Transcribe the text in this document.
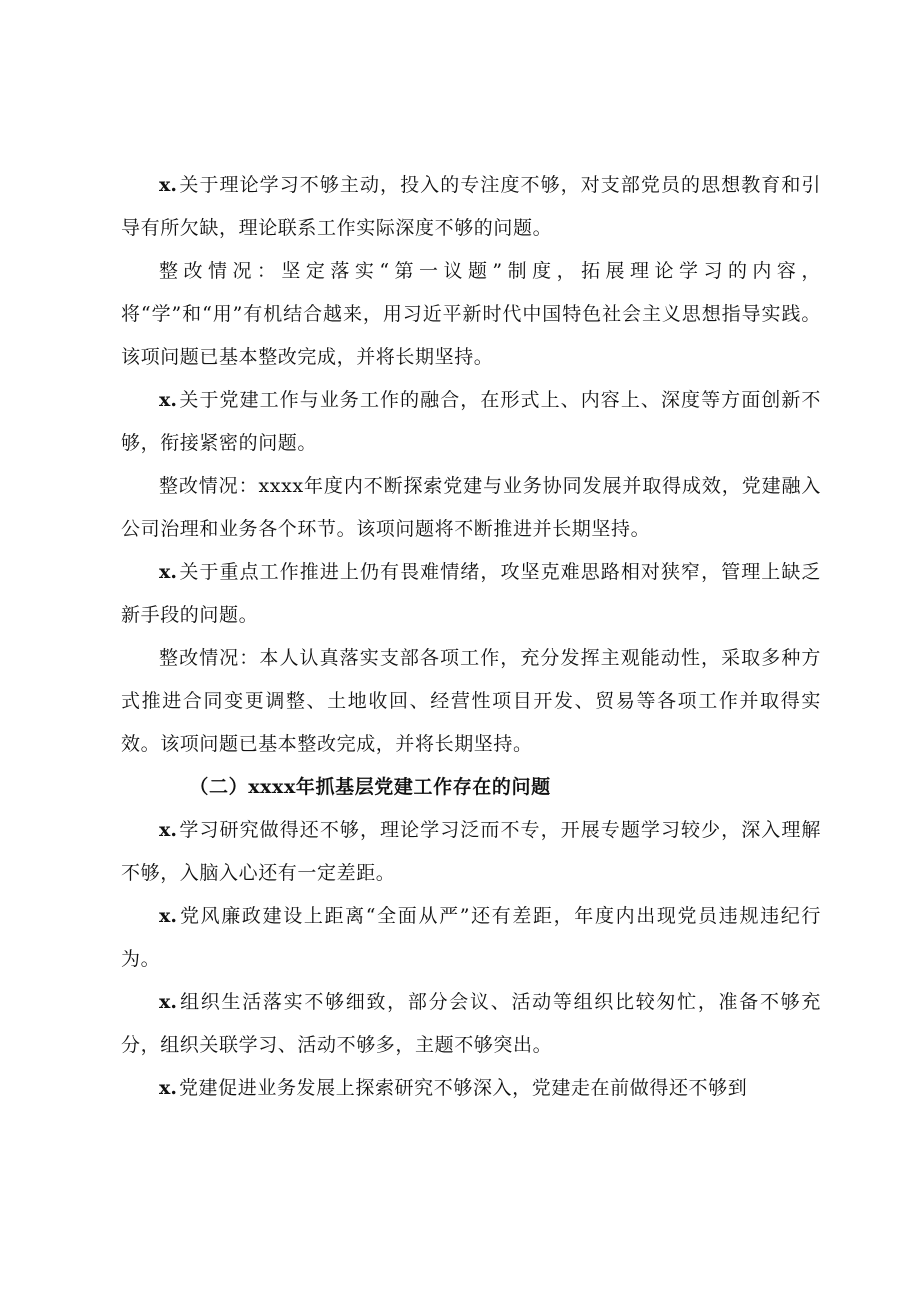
x. 关于理论学习不够主动，投入的专注度不够，对支部党员的思想教育和引导有所欠缺，理论联系工作实际深度不够的问题。

整改情况：坚定落实“第一议题”制度，拓展理论学习的内容，将“学”和“用”有机结合越来，用习近平新时代中国特色社会主义思想指导实践。该项问题已基本整改完成，并将长期坚持。

x. 关于党建工作与业务工作的融合，在形式上、内容上、深度等方面创新不够，衔接紧密的问题。

整改情况：xxxx年度内不断探索党建与业务协同发展并取得成效，党建融入公司治理和业务各个环节。该项问题将不断推进并长期坚持。

x. 关于重点工作推进上仍有畏难情绪，攻坚克难思路相对狭窄，管理上缺乏新手段的问题。

整改情况：本人认真落实支部各项工作，充分发挥主观能动性，采取多种方式推进合同变更调整、土地收回、经营性项目开发、贸易等各项工作并取得实效。该项问题已基本整改完成，并将长期坚持。

（二）xxxx年抓基层党建工作存在的问题

x. 学习研究做得还不够，理论学习泛而不专，开展专题学习较少，深入理解不够，入脑入心还有一定差距。

x. 党风廉政建设上距离“全面从严”还有差距，年度内出现党员违规违纪行为。

x. 组织生活落实不够细致，部分会议、活动等组织比较匆忙，准备不够充分，组织关联学习、活动不够多，主题不够突出。

x. 党建促进业务发展上探索研究不够深入，党建走在前做得还不够到
